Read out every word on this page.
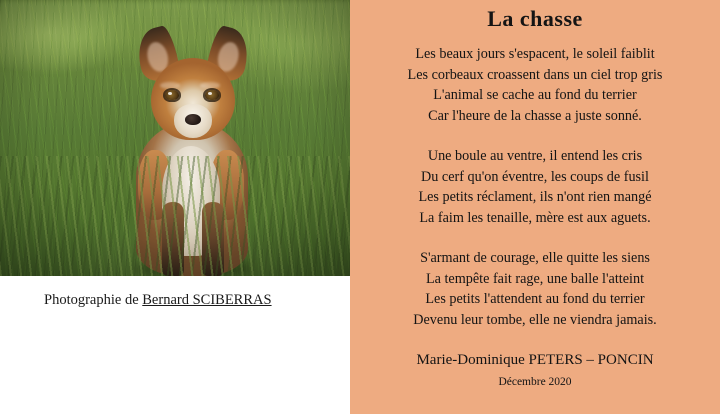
Photographie de Bernard SCIBERRAS
La chasse
Les beaux jours s'espacent, le soleil faiblit
Les corbeaux croassent dans un ciel trop gris
L'animal se cache au fond du terrier
Car l'heure de la chasse a juste sonné.
Une boule au ventre, il entend les cris
Du cerf qu'on éventre, les coups de fusil
Les petits réclament, ils n'ont rien mangé
La faim les tenaille, mère est aux aguets.
S'armant de courage, elle quitte les siens
La tempête fait rage, une balle l'atteint
Les petits l'attendent au fond du terrier
Devenu leur tombe, elle ne viendra jamais.
Marie-Dominique PETERS – PONCIN
Décembre 2020
